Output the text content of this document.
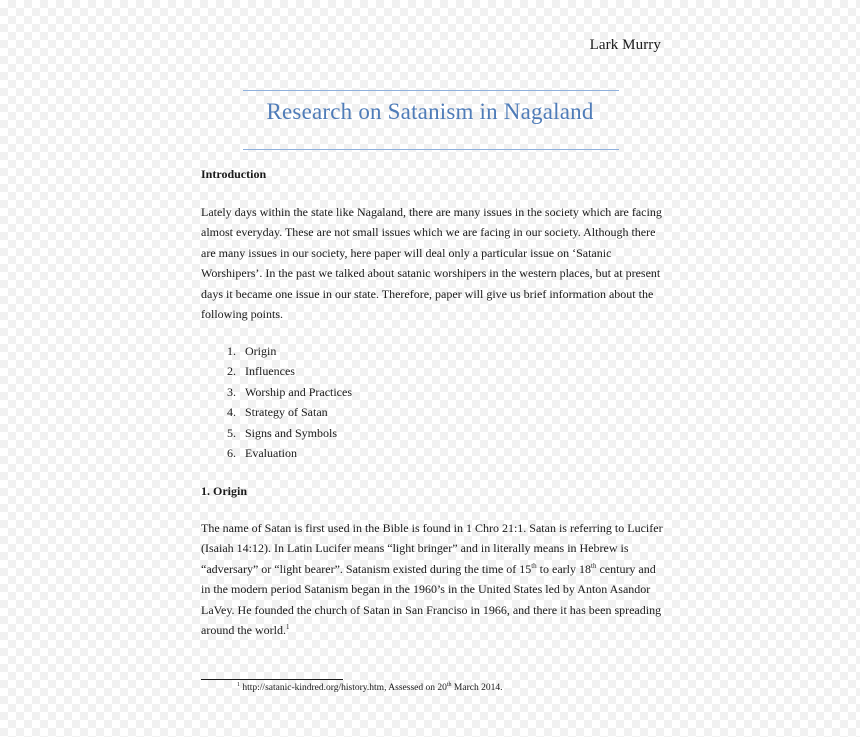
Lark Murry
Research on Satanism in Nagaland
Introduction
Lately days within the state like Nagaland, there are many issues in the society which are facing
almost everyday. These are not small issues which we are facing in our society. Although there
are many issues in our society, here paper will deal only a particular issue on ‘Satanic
Worshipers’. In the past we talked about satanic worshipers in the western places, but at present
days it became one issue in our state. Therefore, paper will give us brief information about the
following points.
1. Origin
2. Influences
3. Worship and Practices
4. Strategy of Satan
5. Signs and Symbols
6. Evaluation
1. Origin
The name of Satan is first used in the Bible is found in 1 Chro 21:1. Satan is referring to Lucifer
(Isaiah 14:12). In Latin Lucifer means “light bringer” and in literally means in Hebrew is
“adversary” or “light bearer”. Satanism existed during the time of 15th to early 18th century and
in the modern period Satanism began in the 1960’s in the United States led by Anton Asandor
LaVey. He founded the church of Satan in San Franciso in 1966, and there it has been spreading
around the world.$^1$
$^1$ http://satanic-kindred.org/history.htm, Assessed on 20th March 2014.
